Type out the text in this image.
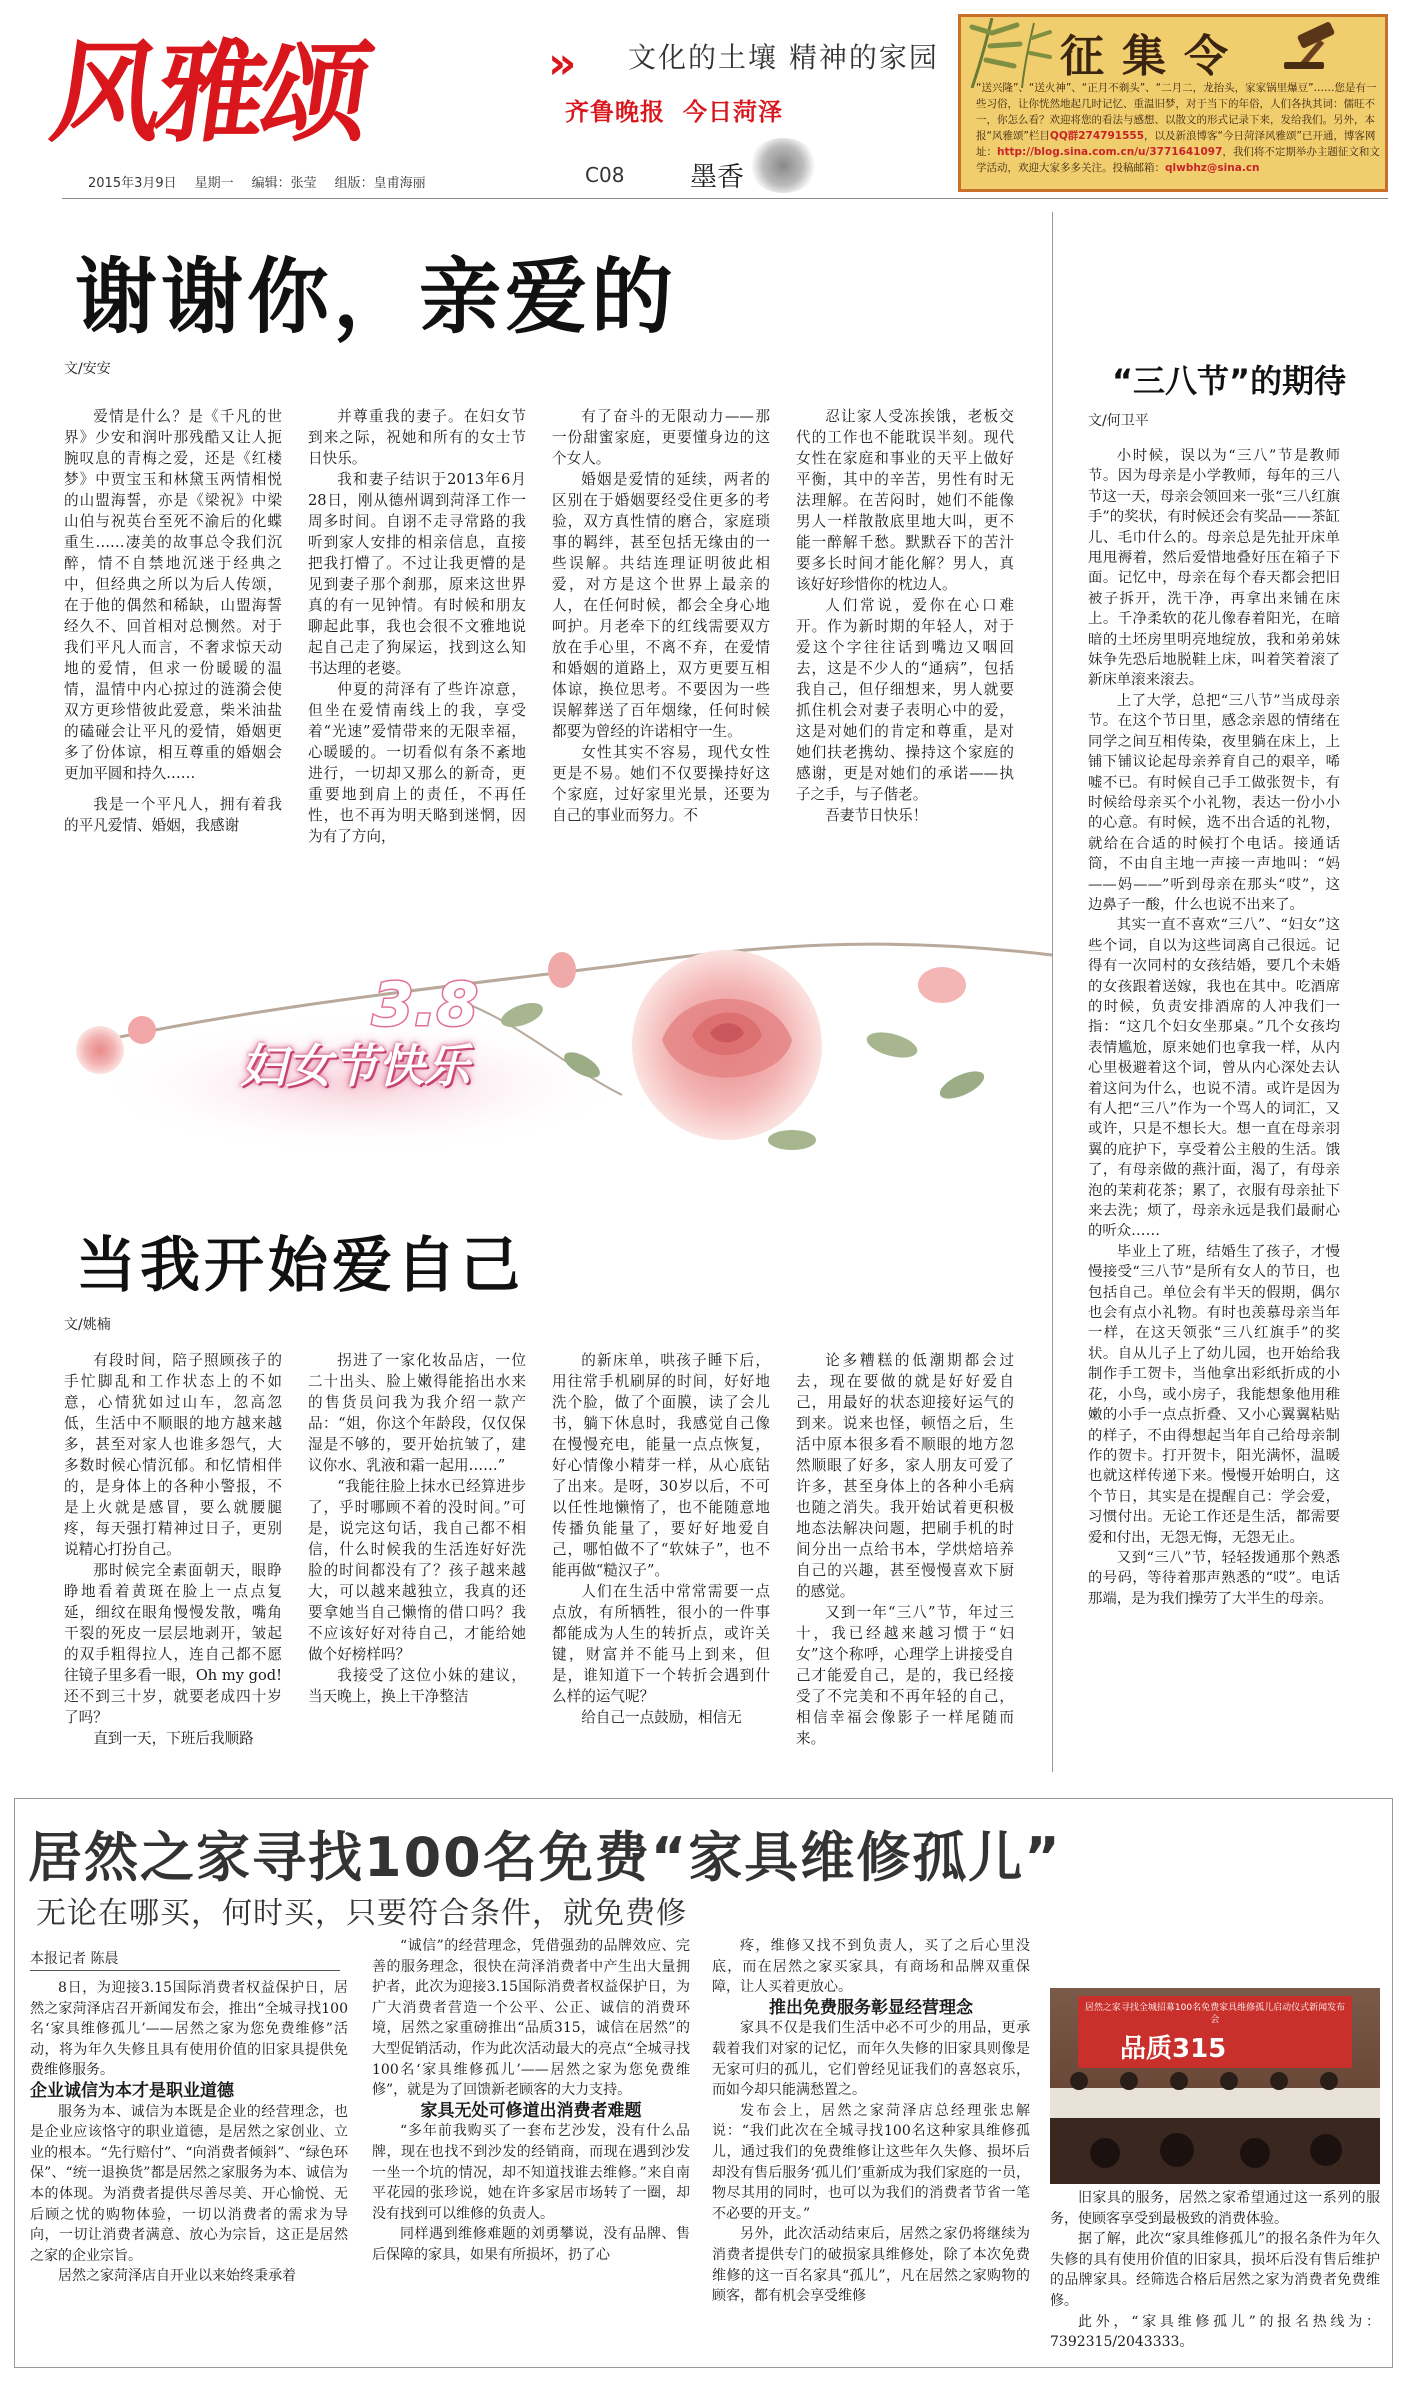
风雅颂	» 文化的土壤 精神的家园
齐鲁晚报 今日菏泽
2015年3月9日 星期一 编辑：张莹 组版：皇甫海丽	C08 墨香
征集令
“送兴隆”、“送火神”、“正月不剃头”、“二月二，龙抬头，家家锅里爆豆”……您是有一些习俗，让你恍然地起几时记忆、重温旧梦，对于当下的年俗，人们各执其词：儒旺不一，你怎么看？欢迎将您的看法与感想、以散文的形式记录下来，发给我们。另外，本报“风雅颂”栏目QQ群274791555，以及新浪博客“今日菏泽风雅颂”已开通，博客网址：http://blog.sina.com.cn/u/3771641097，我们将不定期举办主题征文和文学活动，欢迎大家多多关注。投稿邮箱：qlwbhz@sina.cn
谢谢你，亲爱的
文/安安

爱情是什么？是《千凡的世界》少安和润叶那残酷又让人扼腕叹息的青梅之爱，还是《红楼梦》中贾宝玉和林黛玉两情相悦的山盟海誓，亦是《梁祝》中梁山伯与祝英台至死不渝后的化蝶重生……凄美的故事总令我们沉醉，情不自禁地沉迷于经典之中，但经典之所以为后人传颂，在于他的偶然和稀缺，山盟海誓经久不、回首相对总恻然。对于我们平凡人而言，不奢求惊天动地的爱情，但求一份暖暖的温情，温情中内心掠过的涟漪会使双方更珍惜彼此爱意，柴米油盐的磕碰会让平凡的爱情，婚姻更多了份体谅，相互尊重的婚姻会更加平圆和持久……

我是一个平凡人，拥有着我的平凡爱情、婚姻，我感谢

并尊重我的妻子。在妇女节到来之际，祝她和所有的女士节日快乐。

我和妻子结识于2013年6月28日，刚从德州调到菏泽工作一周多时间。自诩不走寻常路的我听到家人安排的相亲信息，直接把我打懵了。不过让我更懵的是见到妻子那个刹那，原来这世界真的有一见钟情。有时候和朋友聊起此事，我也会很不文雅地说起自己走了狗屎运，找到这么知书达理的老婆。

仲夏的菏泽有了些许凉意，但坐在爱情南线上的我，享受着“光速”爱情带来的无限幸福，心暖暖的。一切看似有条不紊地进行，一切却又那么的新奇，更重要地到肩上的责任，不再任性，也不再为明天略到迷惘，因为有了方向，

有了奋斗的无限动力——那一份甜蜜家庭，更要懂身边的这个女人。

婚姻是爱情的延续，两者的区别在于婚姻要经受住更多的考验，双方真性情的磨合，家庭琐事的羁绊，甚至包括无缘由的一些误解。共结连理证明彼此相爱，对方是这个世界上最亲的人，在任何时候，都会全身心地呵护。月老牵下的红线需要双方放在手心里，不离不弃，在爱情和婚姻的道路上，双方更要互相体谅，换位思考。不要因为一些误解葬送了百年烟缘，任何时候都要为曾经的许诺相守一生。

女性其实不容易，现代女性更是不易。她们不仅要操持好这个家庭，过好家里光景，还要为自己的事业而努力。不

忍让家人受冻挨饿，老板交代的工作也不能耽误半刻。现代女性在家庭和事业的天平上做好平衡，其中的辛苦，男性有时无法理解。在苦闷时，她们不能像男人一样散散底里地大叫，更不能一醉解千愁。默默吞下的苦汁要多长时间才能化解？男人，真该好好珍惜你的枕边人。

人们常说，爱你在心口难开。作为新时期的年轻人，对于爱这个字往往话到嘴边又咽回去，这是不少人的“通病”，包括我自己，但仔细想来，男人就要抓住机会对妻子表明心中的爱，这是对她们的肯定和尊重，是对她们扶老携幼、操持这个家庭的感谢，更是对她们的承诺——执子之手，与子偕老。

吾妻节日快乐！

“三八节”的期待
文/何卫平

小时候，误以为“三八”节是教师节。因为母亲是小学教师，每年的三八节这一天，母亲会领回来一张“三八红旗手”的奖状，有时候还会有奖品——茶缸儿、毛巾什么的。母亲总是先扯开床单甩甩褥着，然后爱惜地叠好压在箱子下面。记忆中，母亲在每个春天都会把旧被子拆开，洗干净，再拿出来铺在床上。千净柔软的花儿像春着阳光，在暗暗的土坯房里明亮地绽放，我和弟弟妹妹争先恐后地脱鞋上床，叫着笑着滚了新床单滚来滚去。

上了大学，总把“三八节”当成母亲节。在这个节日里，感念亲恩的情绪在同学之间互相传染，夜里躺在床上，上铺下铺议论起母亲养育自己的艰辛，唏嘘不已。有时候自己手工做张贺卡，有时候给母亲买个小礼物，表达一份小小的心意。有时候，选不出合适的礼物，就给在合适的时候打个电话。接通话筒，不由自主地一声接一声地叫：“妈——妈——”听到母亲在那头“哎”，这边鼻子一酸，什么也说不出来了。

其实一直不喜欢“三八”、“妇女”这些个词，自以为这些词离自己很远。记得有一次同村的女孩结婚，要几个未婚的女孩跟着送嫁，我也在其中。吃酒席的时候，负责安排酒席的人冲我们一指：“这几个妇女坐那桌。”几个女孩均表情尴尬，原来她们也拿我一样，从内心里极避着这个词，曾从内心深处去认着这问为什么，也说不清。或许是因为有人把“三八”作为一个骂人的词汇，又或许，只是不想长大。想一直在母亲羽翼的庇护下，享受着公主般的生活。饿了，有母亲做的燕汁面，渴了，有母亲泡的茉莉花茶；累了，衣服有母亲扯下来去洗；烦了，母亲永远是我们最耐心的听众……

毕业上了班，结婚生了孩子，才慢慢接受“三八节”是所有女人的节日，也包括自己。单位会有半天的假期，偶尔也会有点小礼物。有时也羡慕母亲当年一样，在这天领张“三八红旗手”的奖状。自从儿子上了幼儿园，也开始给我制作手工贺卡，当他拿出彩纸折成的小花，小鸟，或小房子，我能想象他用稚嫩的小手一点点折叠、又小心翼翼粘贴的样子，不由得想起当年自己给母亲制作的贺卡。打开贺卡，阳光满怀，温暖也就这样传递下来。慢慢开始明白，这个节日，其实是在提醒自己：学会爱，习惯付出。无论工作还是生活，都需要爱和付出，无怨无悔，无怨无止。

又到“三八”节，轻轻拨通那个熟悉的号码，等待着那声熟悉的“哎”。电话那端，是为我们操劳了大半生的母亲。

3.8
妇女节快乐
当我开始爱自己
文/姚楠

有段时间，陪子照顾孩子的手忙脚乱和工作状态上的不如意，心情犹如过山车，忽高忽低，生活中不顺眼的地方越来越多，甚至对家人也谁多怨气，大多数时候心情沉郁。和忆情相伴的，是身体上的各种小警报，不是上火就是感冒，要么就腰腿疼，每天强打精神过日子，更别说精心打扮自己。

那时候完全素面朝天，眼睁睁地看着黄斑在脸上一点点复延，细纹在眼角慢慢发散，嘴角干裂的死皮一层层地剥开，皱起的双手粗得拉人，连自己都不愿往镜子里多看一眼，Oh my god!还不到三十岁，就要老成四十岁了吗？

直到一天，下班后我顺路

拐进了一家化妆品店，一位二十出头、脸上嫩得能掐出水来的售货员问我为我介绍一款产品：“姐，你这个年龄段，仅仅保湿是不够的，要开始抗皱了，建议你水、乳液和霜一起用……”

“我能往脸上抹水已经算进步了，乎时哪顾不着的没时间。”可是，说完这句话，我自己都不相信，什么时候我的生活连好好洗脸的时间都没有了？孩子越来越大，可以越来越独立，我真的还要拿她当自己懒惰的借口吗？我不应该好好对待自己，才能给她做个好榜样吗？

我接受了这位小妹的建议，当天晚上，换上干净整洁

的新床单，哄孩子睡下后，用往常手机刷屏的时间，好好地洗个脸，做了个面膜，读了会儿书，躺下休息时，我感觉自己像在慢慢充电，能量一点点恢复，好心情像小精芽一样，从心底钻了出来。是呀，30岁以后，不可以任性地懒惰了，也不能随意地传播负能量了，要好好地爱自己，哪怕做不了“软妹子”，也不能再做“糙汉子”。

人们在生活中常常需要一点点放，有所牺牲，很小的一件事都能成为人生的转折点，或许关键，财富并不能马上到来，但是，谁知道下一个转折会遇到什么样的运气呢？

给自己一点鼓励，相信无

论多糟糕的低潮期都会过去，现在要做的就是好好爱自己，用最好的状态迎接好运气的到来。说来也怪，顿悟之后，生活中原本很多看不顺眼的地方忽然顺眼了好多，家人朋友可爱了许多，甚至身体上的各种小毛病也随之消失。我开始试着更积极地态法解决问题，把刷手机的时间分出一点给书本，学烘焙培养自己的兴趣，甚至慢慢喜欢下厨的感觉。

又到一年“三八”节，年过三十，我已经越来越习惯于“妇女”这个称呼，心理学上讲接受自己才能爱自己，是的，我已经接受了不完美和不再年轻的自己，相信幸福会像影子一样尾随而来。

居然之家寻找100名免费“家具维修孤儿”
无论在哪买，何时买，只要符合条件，就免费修
本报记者 陈晨

8日，为迎接3.15国际消费者权益保护日，居然之家菏泽店召开新闻发布会，推出“全城寻找100名‘家具维修孤儿’——居然之家为您免费维修”活动，将为年久失修且具有使用价值的旧家具提供免费维修服务。

企业诚信为本才是职业道德

服务为本、诚信为本既是企业的经营理念，也是企业应该恪守的职业道德，是居然之家创业、立业的根本。“先行赔付”、“向消费者倾斜”、“绿色环保”、“统一退换货”都是居然之家服务为本、诚信为本的体现。为消费者提供尽善尽美、开心愉悦、无后顾之忧的购物体验，一切以消费者的需求为导向，一切让消费者满意、放心为宗旨，这正是居然之家的企业宗旨。

居然之家菏泽店自开业以来始终秉承着

“诚信”的经营理念，凭借强劲的品牌效应、完善的服务理念，很快在菏泽消费者中产生出大量拥护者，此次为迎接3.15国际消费者权益保护日，为广大消费者营造一个公平、公正、诚信的消费环境，居然之家重磅推出“品质315，诚信在居然”的大型促销活动，作为此次活动最大的亮点“全城寻找100名‘家具维修孤儿’——居然之家为您免费维修”，就是为了回馈新老顾客的大力支持。

家具无处可修道出消费者难题

“多年前我购买了一套布艺沙发，没有什么品牌，现在也找不到沙发的经销商，而现在遇到沙发一坐一个坑的情况，却不知道找谁去维修。”来自南平花园的张珍说，她在许多家居市场转了一圈，却没有找到可以维修的负责人。

同样遇到维修难题的刘勇攀说，没有品牌、售后保障的家具，如果有所损坏，扔了心

疼，维修又找不到负责人，买了之后心里没底，而在居然之家买家具，有商场和品牌双重保障，让人买着更放心。

推出免费服务彰显经营理念

家具不仅是我们生活中必不可少的用品，更承载着我们对家的记忆，而年久失修的旧家具则像是无家可归的孤儿，它们曾经见证我们的喜怒哀乐，而如今却只能满愁置之。

发布会上，居然之家菏泽店总经理张忠解说：“我们此次在全城寻找100名这种家具维修孤儿，通过我们的免费维修让这些年久失修、损坏后却没有售后服务‘孤儿们’重新成为我们家庭的一员，物尽其用的同时，也可以为我们的消费者节省一笔不必要的开支。”

另外，此次活动结束后，居然之家仍将继续为消费者提供专门的破损家具维修处，除了本次免费维修的这一百名家具“孤儿”，凡在居然之家购物的顾客，都有机会享受维修

居然之家寻找全城招募100名免费家具维修孤儿启动仪式新闻发布会
品质315

旧家具的服务，居然之家希望通过这一系列的服务，使顾客享受到最极致的消费体验。

据了解，此次“家具维修孤儿”的报名条件为年久失修的具有使用价值的旧家具，损坏后没有售后维护的品牌家具。经筛选合格后居然之家为消费者免费维修。

此外，“家具维修孤儿”的报名热线为：7392315/2043333。
